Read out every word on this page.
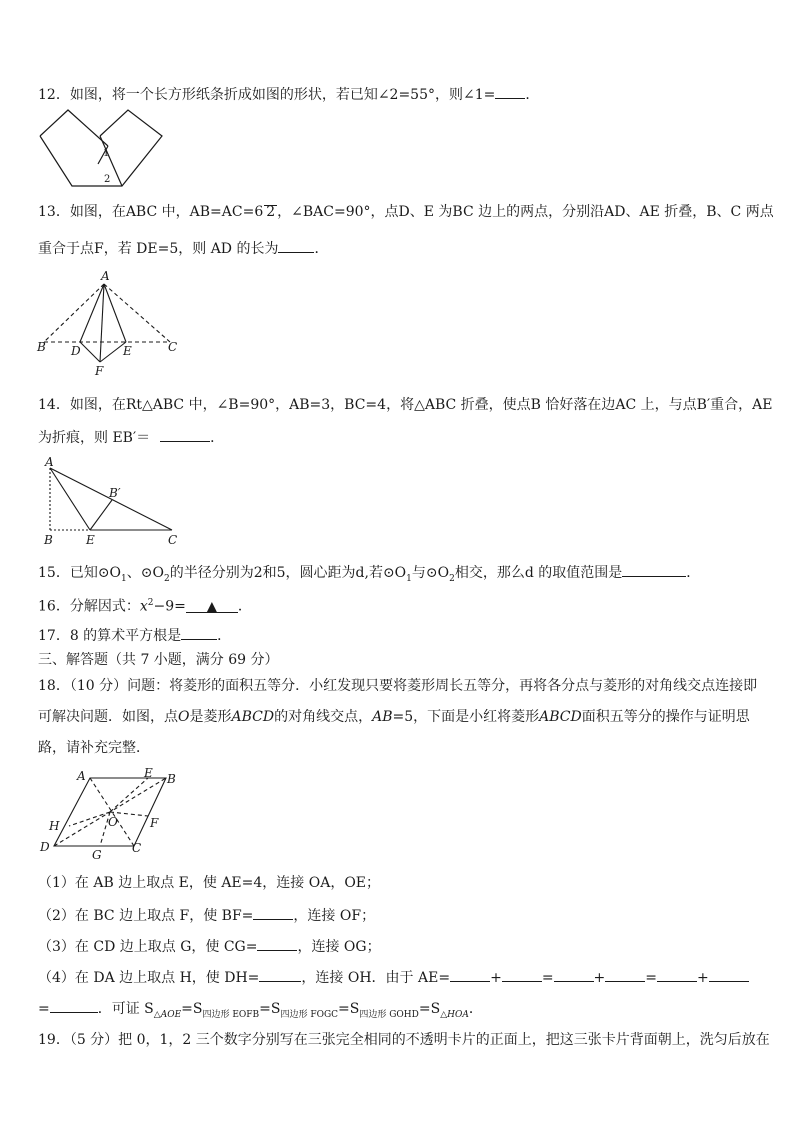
12．如图，将一个长方形纸条折成如图的形状，若已知∠2=55°，则∠1= ．
1
2
13．如图，在ABC 中，AB=AC=6 2 ，∠BAC=90°，点D、E 为BC 边上的两点，分别沿AD、AE 折叠，B、C 两点
重合于点F，若 DE=5，则 AD 的长为	．
A
B	C
D	E
F
14．如图，在Rt△ABC 中，∠B=90°，AB=3，BC=4，将△ABC 折叠，使点B 恰好落在边AC 上，与点B′重合，AE
为折痕，则 EB′＝	．
A
B	E	C
B′
15．已知$⊙O_1$、$⊙O_2$的半径分别为2和5，圆心距为d,若$⊙O_1$与$⊙O_2$相交，那么d 的取值范围是	．
16．分解因式：$x^2-9=$ ▲ ．
17．8 的算术平方根是	．
三、解答题（共 7 小题，满分 69 分）
18．（10 分）问题：将菱形的面积五等分．小红发现只要将菱形周长五等分，再将各分点与菱形的对角线交点连接即
可解决问题．如图，点O是菱形ABCD的对角线交点，AB=5，下面是小红将菱形ABCD面积五等分的操作与证明思
路，请补充完整．
A	E B
F
C
G
D
H	O
（1）在 AB 边上取点 E，使 AE=4，连接 OA，OE；
（2）在 BC 边上取点 F，使 BF=	，连接 OF；
（3）在 CD 边上取点 G，使 CG=	，连接 OG；
（4）在 DA 边上取点 H，使 DH=	，连接 OH．由于 AE=	+	=	+	=	+
=	．可证 $S_{\triangle AOE}=S_{四边形 EOFB}=S_{四边形 FOGC}=S_{四边形 GOHD}=S_{\triangle HOA}$．
19．（5 分）把 0，1，2 三个数字分别写在三张完全相同的不透明卡片的正面上，把这三张卡片背面朝上，洗匀后放在
